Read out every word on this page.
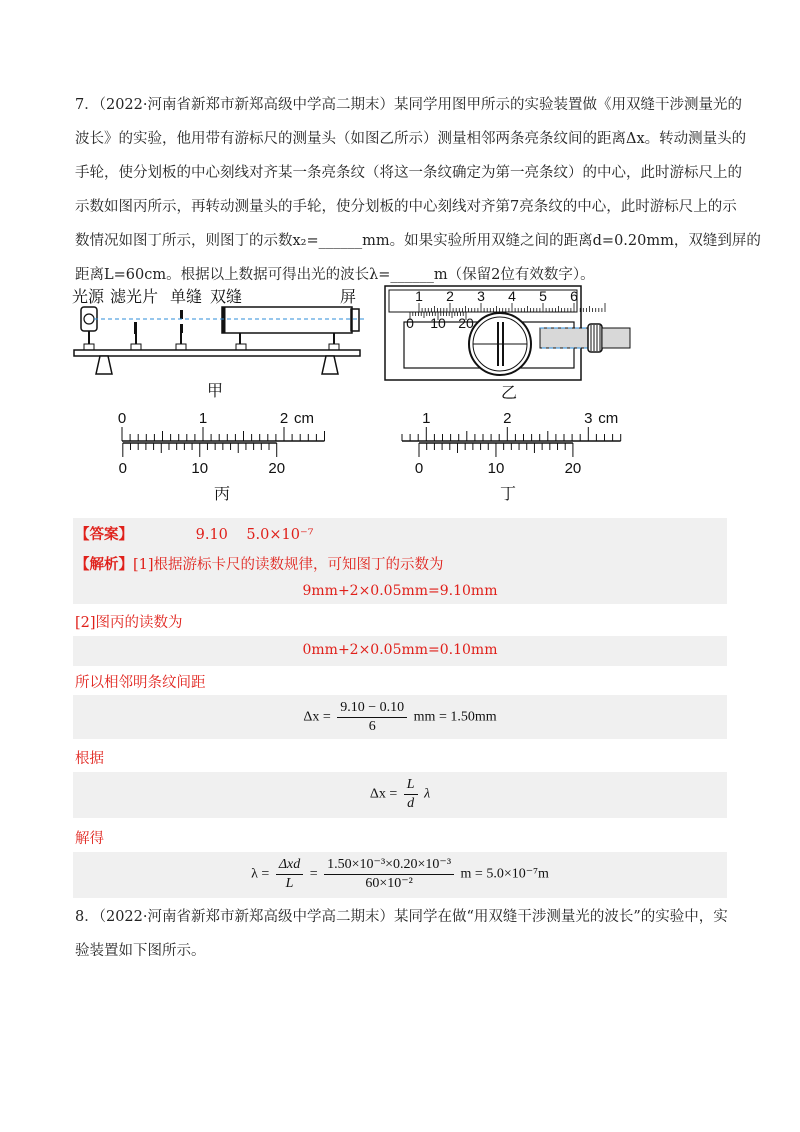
7．（2022·河南省新郑市新郑高级中学高二期末）某同学用图甲所示的实验装置做《用双缝干涉测量光的
波长》的实验，他用带有游标尺的测量头（如图乙所示）测量相邻两条亮条纹间的距离Δx。转动测量头的
手轮，使分划板的中心刻线对齐某一条亮条纹（将这一条纹确定为第一亮条纹）的中心，此时游标尺上的
示数如图丙所示，再转动测量头的手轮，使分划板的中心刻线对齐第7亮条纹的中心，此时游标尺上的示
数情况如图丁所示，则图丁的示数x₂=______mm。如果实验所用双缝之间的距离d=0.20mm，双缝到屏的
距离L=60cm。根据以上数据可得出光的波长λ=______m（保留2位有效数字）。
光源 滤光片 单缝 双缝	屏
甲
1 2 3 4 5 6
0 10 20
乙
0	1	2 cm
0	10	20
丙
1	2	3 cm
0	10	20
丁
【答案】	9.10    5.0×10⁻⁷
【解析】[1]根据游标卡尺的读数规律，可知图丁的示数为
9mm+2×0.05mm=9.10mm
[2]图丙的读数为
0mm+2×0.05mm=0.10mm
所以相邻明条纹间距
$\Delta x = \frac{9.10 - 0.10}{6}$ mm = 1.50mm
根据
$\Delta x = \frac{L}{d}$ λ
解得
$\lambda = \frac{\text{Δxd}}{L} = \frac{\text{1.50×10⁻³×0.20×10⁻³}}{\text{60×10⁻²}}$ m = 5.0×10⁻⁷m
8．（2022·河南省新郑市新郑高级中学高二期末）某同学在做“用双缝干涉测量光的波长”的实验中，实
验装置如下图所示。
